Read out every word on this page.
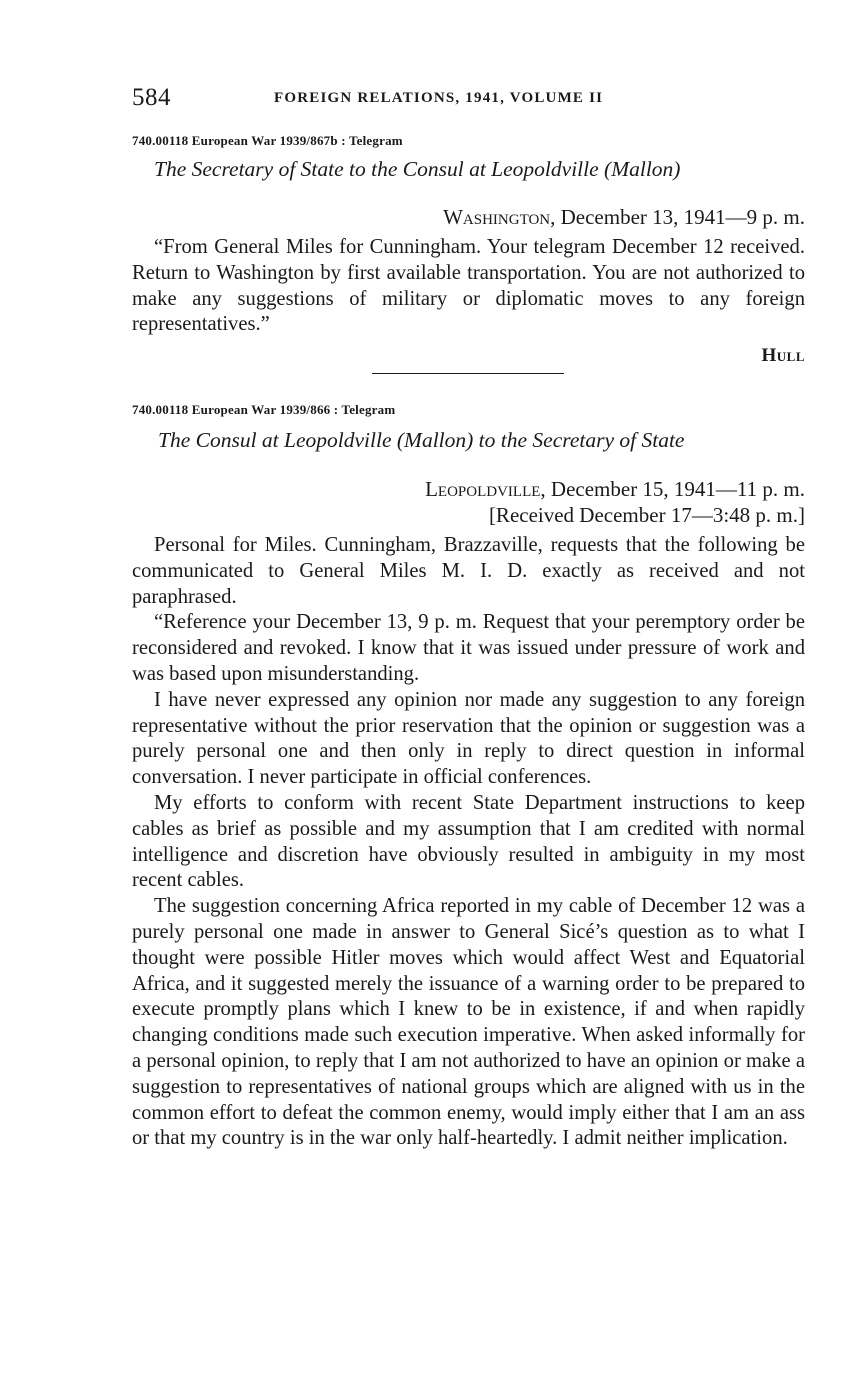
584	FOREIGN RELATIONS, 1941, VOLUME II
740.00118 European War 1939/867b : Telegram
The Secretary of State to the Consul at Leopoldville (Mallon)
Washington, December 13, 1941—9 p. m.

“From General Miles for Cunningham. Your telegram December 12 received. Return to Washington by first available transportation. You are not authorized to make any suggestions of military or diplomatic moves to any foreign representatives.”

Hull
740.00118 European War 1939/866 : Telegram
The Consul at Leopoldville (Mallon) to the Secretary of State
Leopoldville, December 15, 1941—11 p. m.
[Received December 17—3:48 p. m.]

Personal for Miles. Cunningham, Brazzaville, requests that the following be communicated to General Miles M. I. D. exactly as received and not paraphrased.

“Reference your December 13, 9 p. m. Request that your peremptory order be reconsidered and revoked. I know that it was issued under pressure of work and was based upon misunderstanding.

I have never expressed any opinion nor made any suggestion to any foreign representative without the prior reservation that the opinion or suggestion was a purely personal one and then only in reply to direct question in informal conversation. I never participate in official conferences.

My efforts to conform with recent State Department instructions to keep cables as brief as possible and my assumption that I am credited with normal intelligence and discretion have obviously resulted in ambiguity in my most recent cables.

The suggestion concerning Africa reported in my cable of December 12 was a purely personal one made in answer to General Sicé’s question as to what I thought were possible Hitler moves which would affect West and Equatorial Africa, and it suggested merely the issuance of a warning order to be prepared to execute promptly plans which I knew to be in existence, if and when rapidly changing conditions made such execution imperative. When asked informally for a personal opinion, to reply that I am not authorized to have an opinion or make a suggestion to representatives of national groups which are aligned with us in the common effort to defeat the common enemy, would imply either that I am an ass or that my country is in the war only half-heartedly. I admit neither implication.
